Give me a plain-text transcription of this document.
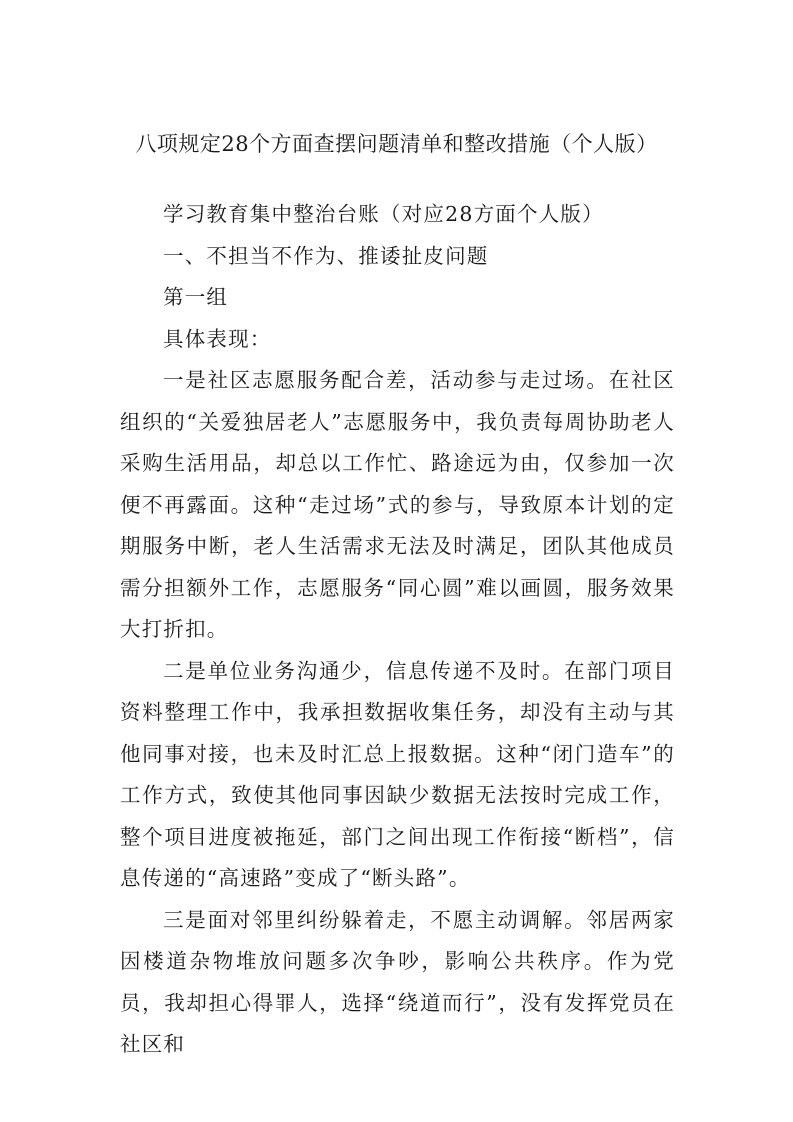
八项规定28个方面查摆问题清单和整改措施（个人版）

学习教育集中整治台账（对应28方面个人版）

一、不担当不作为、推诿扯皮问题

第一组

具体表现：

一是社区志愿服务配合差，活动参与走过场。在社区组织的“关爱独居老人”志愿服务中，我负责每周协助老人采购生活用品，却总以工作忙、路途远为由，仅参加一次便不再露面。这种“走过场”式的参与，导致原本计划的定期服务中断，老人生活需求无法及时满足，团队其他成员需分担额外工作，志愿服务“同心圆”难以画圆，服务效果大打折扣。

二是单位业务沟通少，信息传递不及时。在部门项目资料整理工作中，我承担数据收集任务，却没有主动与其他同事对接，也未及时汇总上报数据。这种“闭门造车”的工作方式，致使其他同事因缺少数据无法按时完成工作，整个项目进度被拖延，部门之间出现工作衔接“断档”，信息传递的“高速路”变成了“断头路”。

三是面对邻里纠纷躲着走，不愿主动调解。邻居两家因楼道杂物堆放问题多次争吵，影响公共秩序。作为党员，我却担心得罪人，选择“绕道而行”，没有发挥党员在社区和
